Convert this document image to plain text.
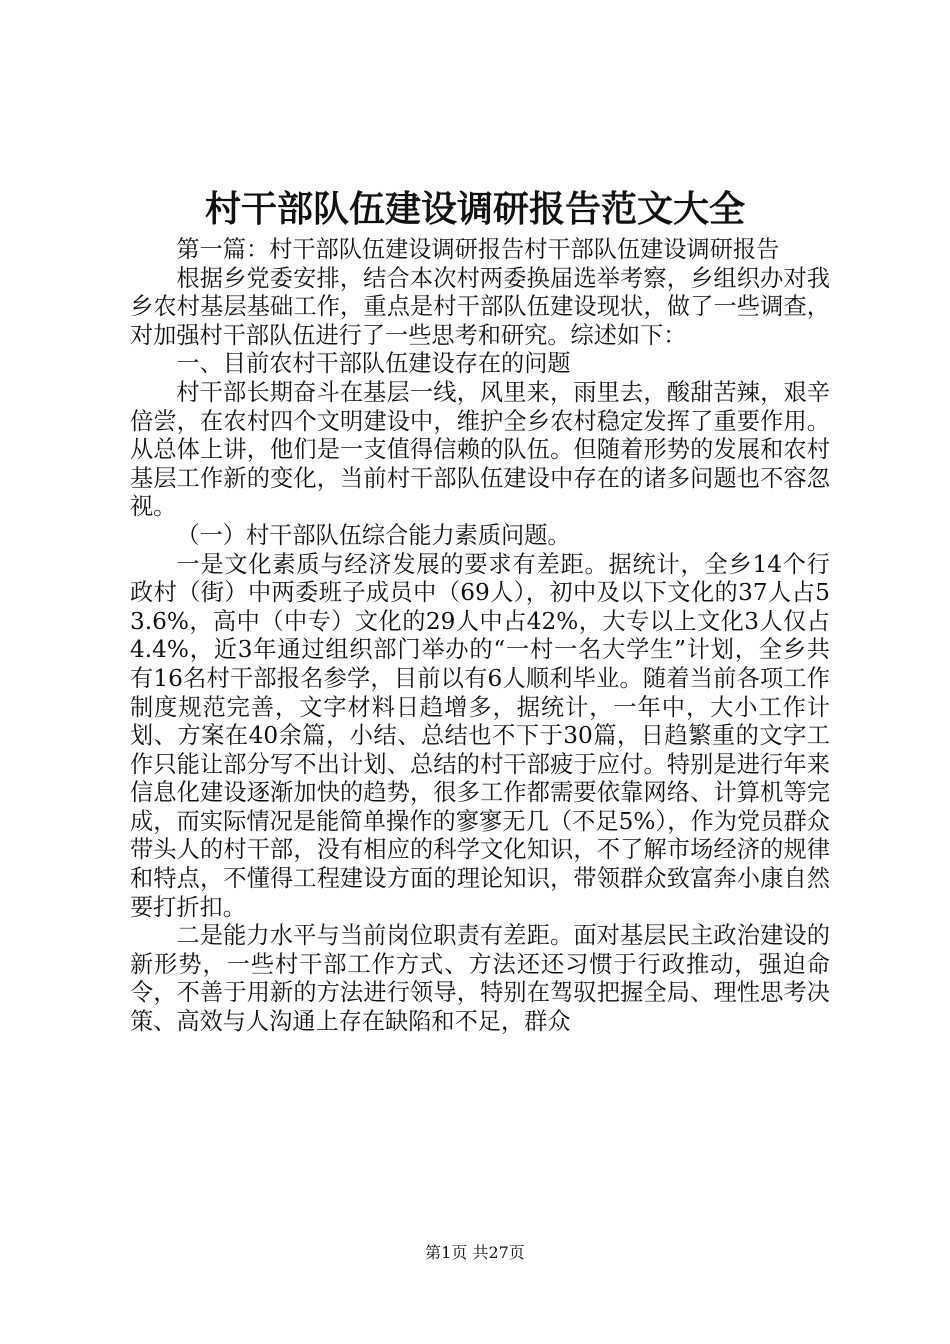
村干部队伍建设调研报告范文大全

第一篇：村干部队伍建设调研报告村干部队伍建设调研报告

根据乡党委安排，结合本次村两委换届选举考察，乡组织办对我乡农村基层基础工作，重点是村干部队伍建设现状，做了一些调查，对加强村干部队伍进行了一些思考和研究。综述如下：

一、目前农村干部队伍建设存在的问题

村干部长期奋斗在基层一线，风里来，雨里去，酸甜苦辣，艰辛倍尝，在农村四个文明建设中，维护全乡农村稳定发挥了重要作用。从总体上讲，他们是一支值得信赖的队伍。但随着形势的发展和农村基层工作新的变化，当前村干部队伍建设中存在的诸多问题也不容忽视。

（一）村干部队伍综合能力素质问题。

一是文化素质与经济发展的要求有差距。据统计，全乡14个行政村（街）中两委班子成员中（69人），初中及以下文化的37人占53.6%，高中（中专）文化的29人中占42%，大专以上文化3人仅占4.4%，近3年通过组织部门举办的“一村一名大学生”计划，全乡共有16名村干部报名参学，目前以有6人顺利毕业。随着当前各项工作制度规范完善，文字材料日趋增多，据统计，一年中，大小工作计划、方案在40余篇，小结、总结也不下于30篇，日趋繁重的文字工作只能让部分写不出计划、总结的村干部疲于应付。特别是进行年来信息化建设逐渐加快的趋势，很多工作都需要依靠网络、计算机等完成，而实际情况是能简单操作的寥寥无几（不足5%），作为党员群众带头人的村干部，没有相应的科学文化知识，不了解市场经济的规律和特点，不懂得工程建设方面的理论知识，带领群众致富奔小康自然要打折扣。

二是能力水平与当前岗位职责有差距。面对基层民主政治建设的新形势，一些村干部工作方式、方法还还习惯于行政推动，强迫命令，不善于用新的方法进行领导，特别在驾驭把握全局、理性思考决策、高效与人沟通上存在缺陷和不足，群众

第1页 共27页
